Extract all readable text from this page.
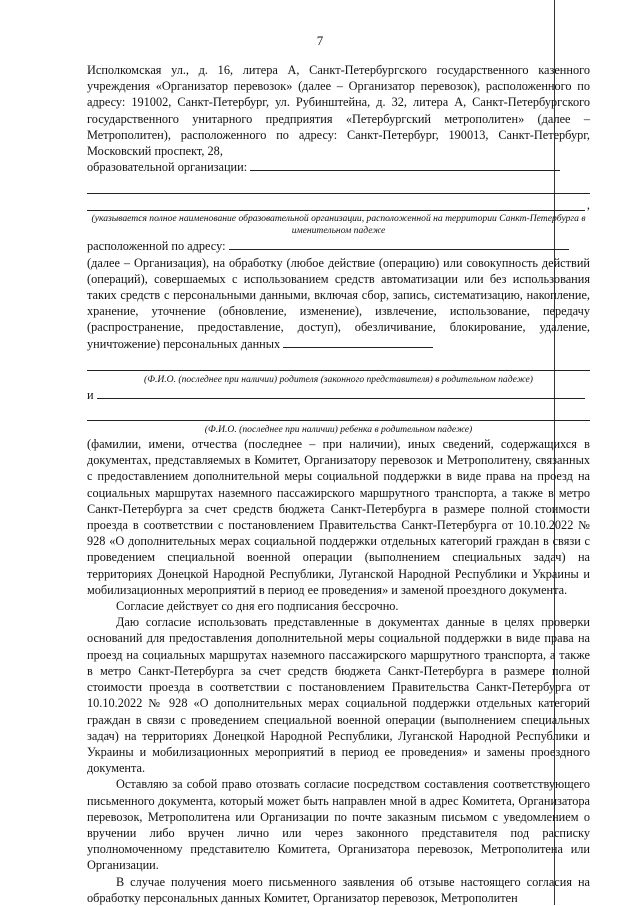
7

Исполкомская ул., д. 16, литера А, Санкт-Петербургского государственного казенного учреждения «Организатор перевозок» (далее – Организатор перевозок), расположенного по адресу: 191002, Санкт-Петербург, ул. Рубинштейна, д. 32, литера А, Санкт-Петербургского государственного унитарного предприятия «Петербургский метрополитен» (далее – Метрополитен), расположенного по адресу: Санкт-Петербург, 190013, Санкт-Петербург, Московский проспект, 28,

образовательной организации:
,

(указывается полное наименование образовательной организации, расположенной на территории Санкт-Петербурга в именительном падеже

расположенной по адресу:

(далее – Организация), на обработку (любое действие (операцию) или совокупность действий (операций), совершаемых с использованием средств автоматизации или без использования таких средств с персональными данными, включая сбор, запись, систематизацию, накопление, хранение, уточнение (обновление, изменение), извлечение, использование, передачу (распространение, предоставление, доступ), обезличивание, блокирование, удаление, уничтожение) персональных данных

(Ф.И.О. (последнее при наличии) родителя (законного представителя) в родительном падеже)

и

(Ф.И.О. (последнее при наличии) ребенка в родительном падеже)

(фамилии, имени, отчества (последнее – при наличии), иных сведений, содержащихся в документах, представляемых в Комитет, Организатору перевозок и Метрополитену, связанных с предоставлением дополнительной меры социальной поддержки в виде права на проезд на социальных маршрутах наземного пассажирского маршрутного транспорта, а также в метро Санкт-Петербурга за счет средств бюджета Санкт-Петербурга в размере полной стоимости проезда в соответствии с постановлением Правительства Санкт-Петербурга от 10.10.2022 № 928 «О дополнительных мерах социальной поддержки отдельных категорий граждан в связи с проведением специальной военной операции (выполнением специальных задач) на территориях Донецкой Народной Республики, Луганской Народной Республики и Украины и мобилизационных мероприятий в период ее проведения» и заменой проездного документа.

Согласие действует со дня его подписания бессрочно.

Даю согласие использовать представленные в документах данные в целях проверки оснований для предоставления дополнительной меры социальной поддержки в виде права на проезд на социальных маршрутах наземного пассажирского маршрутного транспорта, а также в метро Санкт-Петербурга за счет средств бюджета Санкт-Петербурга в размере полной стоимости проезда в соответствии с постановлением Правительства Санкт-Петербурга от 10.10.2022 № 928 «О дополнительных мерах социальной поддержки отдельных категорий граждан в связи с проведением специальной военной операции (выполнением специальных задач) на территориях Донецкой Народной Республики, Луганской Народной Республики и Украины и мобилизационных мероприятий в период ее проведения» и замены проездного документа.

Оставляю за собой право отозвать согласие посредством составления соответствующего письменного документа, который может быть направлен мной в адрес Комитета, Организатора перевозок, Метрополитена или Организации по почте заказным письмом с уведомлением о вручении либо вручен лично или через законного представителя под расписку уполномоченному представителю Комитета, Организатора перевозок, Метрополитена или Организации.

В случае получения моего письменного заявления об отзыве настоящего согласия на обработку персональных данных Комитет, Организатор перевозок, Метрополитен
